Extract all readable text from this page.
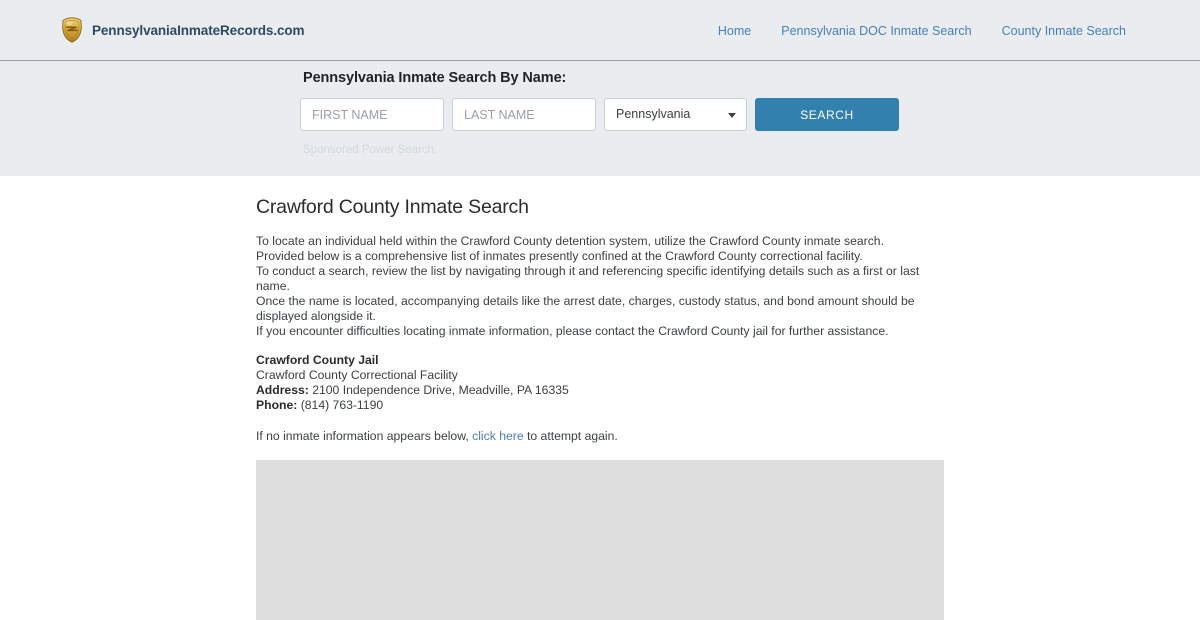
PennsylvaniaInmateRecords.com	Home Pennsylvania DOC Inmate Search County Inmate Search
Pennsylvania Inmate Search By Name:
FIRST NAME
LAST NAME
Pennsylvania
SEARCH
Sponsored Power Search.
Crawford County Inmate Search

To locate an individual held within the Crawford County detention system, utilize the Crawford County inmate search.
Provided below is a comprehensive list of inmates presently confined at the Crawford County correctional facility.
To conduct a search, review the list by navigating through it and referencing specific identifying details such as a first or last name.
Once the name is located, accompanying details like the arrest date, charges, custody status, and bond amount should be displayed alongside it.
If you encounter difficulties locating inmate information, please contact the Crawford County jail for further assistance.

Crawford County Jail
Crawford County Correctional Facility
Address: 2100 Independence Drive, Meadville, PA 16335
Phone: (814) 763-1190

If no inmate information appears below, click here to attempt again.
